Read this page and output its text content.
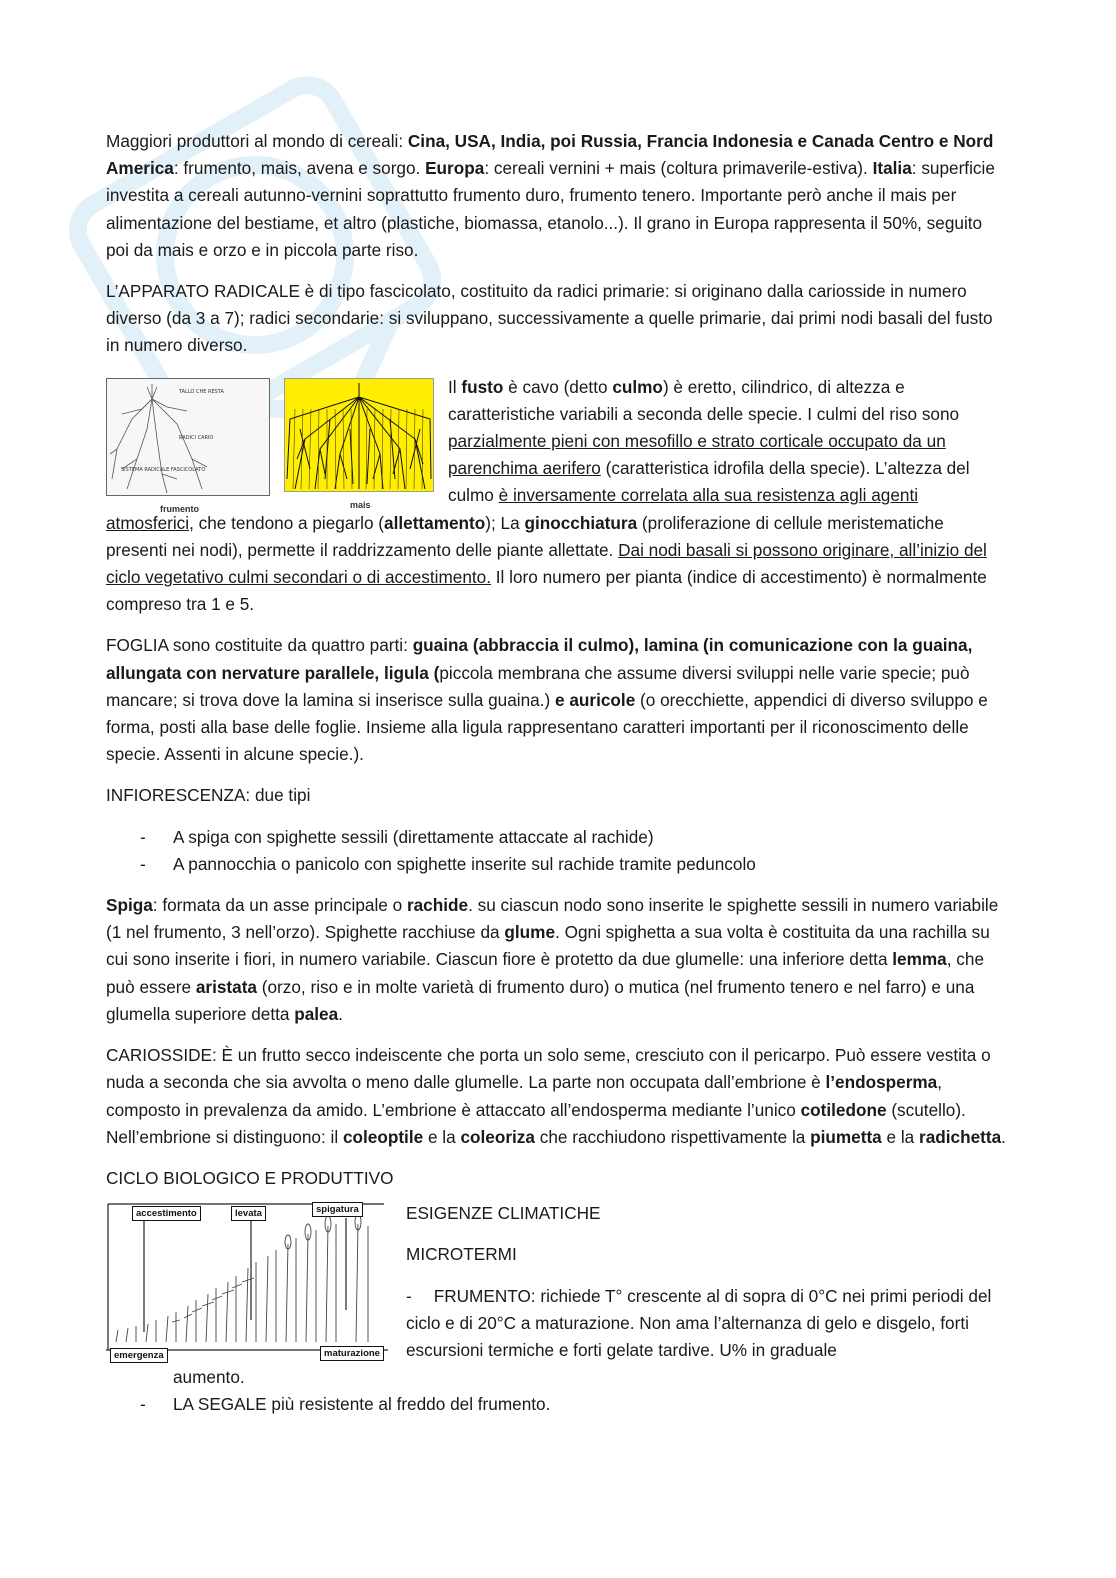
Maggiori produttori al mondo di cereali: Cina, USA, India, poi Russia, Francia Indonesia e Canada Centro e Nord America: frumento, mais, avena e sorgo. Europa: cereali vernini + mais (coltura primaverile-estiva). Italia: superficie investita a cereali autunno-vernini soprattutto frumento duro, frumento tenero. Importante però anche il mais per alimentazione del bestiame, et altro (plastiche, biomassa, etanolo...). Il grano in Europa rappresenta il 50%, seguito poi da mais e orzo e in piccola parte riso.

L’APPARATO RADICALE è di tipo fascicolato, costituito da radici primarie: si originano dalla cariosside in numero diverso (da 3 a 7); radici secondarie: si sviluppano, successivamente a quelle primarie, dai primi nodi basali del fusto in numero diverso.

TALLO CHE RESTA
RADICI CARIO
SISTEMA RADICALE FASCICOLATO
frumento	mais

Il fusto è cavo (detto culmo) è eretto, cilindrico, di altezza e caratteristiche variabili a seconda delle specie. I culmi del riso sono parzialmente pieni con mesofillo e strato corticale occupato da un parenchima aerifero (caratteristica idrofila della specie). L’altezza del culmo è inversamente correlata alla sua resistenza agli agenti atmosferici, che tendono a piegarlo (allettamento); La ginocchiatura (proliferazione di cellule meristematiche presenti nei nodi), permette il raddrizzamento delle piante allettate. Dai nodi basali si possono originare, all’inizio del ciclo vegetativo culmi secondari o di accestimento. Il loro numero per pianta (indice di accestimento) è normalmente compreso tra 1 e 5.

FOGLIA sono costituite da quattro parti: guaina (abbraccia il culmo), lamina (in comunicazione con la guaina, allungata con nervature parallele, ligula (piccola membrana che assume diversi sviluppi nelle varie specie; può mancare; si trova dove la lamina si inserisce sulla guaina.) e auricole (o orecchiette, appendici di diverso sviluppo e forma, posti alla base delle foglie. Insieme alla ligula rappresentano caratteri importanti per il riconoscimento delle specie. Assenti in alcune specie.).

INFIORESCENZA: due tipi

- A spiga con spighette sessili (direttamente attaccate al rachide)
- A pannocchia o panicolo con spighette inserite sul rachide tramite peduncolo

Spiga: formata da un asse principale o rachide. su ciascun nodo sono inserite le spighette sessili in numero variabile (1 nel frumento, 3 nell’orzo). Spighette racchiuse da glume. Ogni spighetta a sua volta è costituita da una rachilla su cui sono inserite i fiori, in numero variabile. Ciascun fiore è protetto da due glumelle: una inferiore detta lemma, che può essere aristata (orzo, riso e in molte varietà di frumento duro) o mutica (nel frumento tenero e nel farro) e una glumella superiore detta palea.

CARIOSSIDE: È un frutto secco indeiscente che porta un solo seme, cresciuto con il pericarpo. Può essere vestita o nuda a seconda che sia avvolta o meno dalle glumelle. La parte non occupata dall’embrione è l’endosperma, composto in prevalenza da amido. L’embrione è attaccato all’endosperma mediante l’unico cotiledone (scutello). Nell’embrione si distinguono: il coleoptile e la coleoriza che racchiudono rispettivamente la piumetta e la radichetta.

CICLO BIOLOGICO E PRODUTTIVO

accestimento	levata	spigatura
emergenza	maturazione

ESIGENZE CLIMATICHE

MICROTERMI

- FRUMENTO: richiede T° crescente al di sopra di 0°C nei primi periodi del ciclo e di 20°C a maturazione. Non ama l’alternanza di gelo e disgelo, forti escursioni termiche e forti gelate tardive. U% in graduale

aumento.

- LA SEGALE più resistente al freddo del frumento.
